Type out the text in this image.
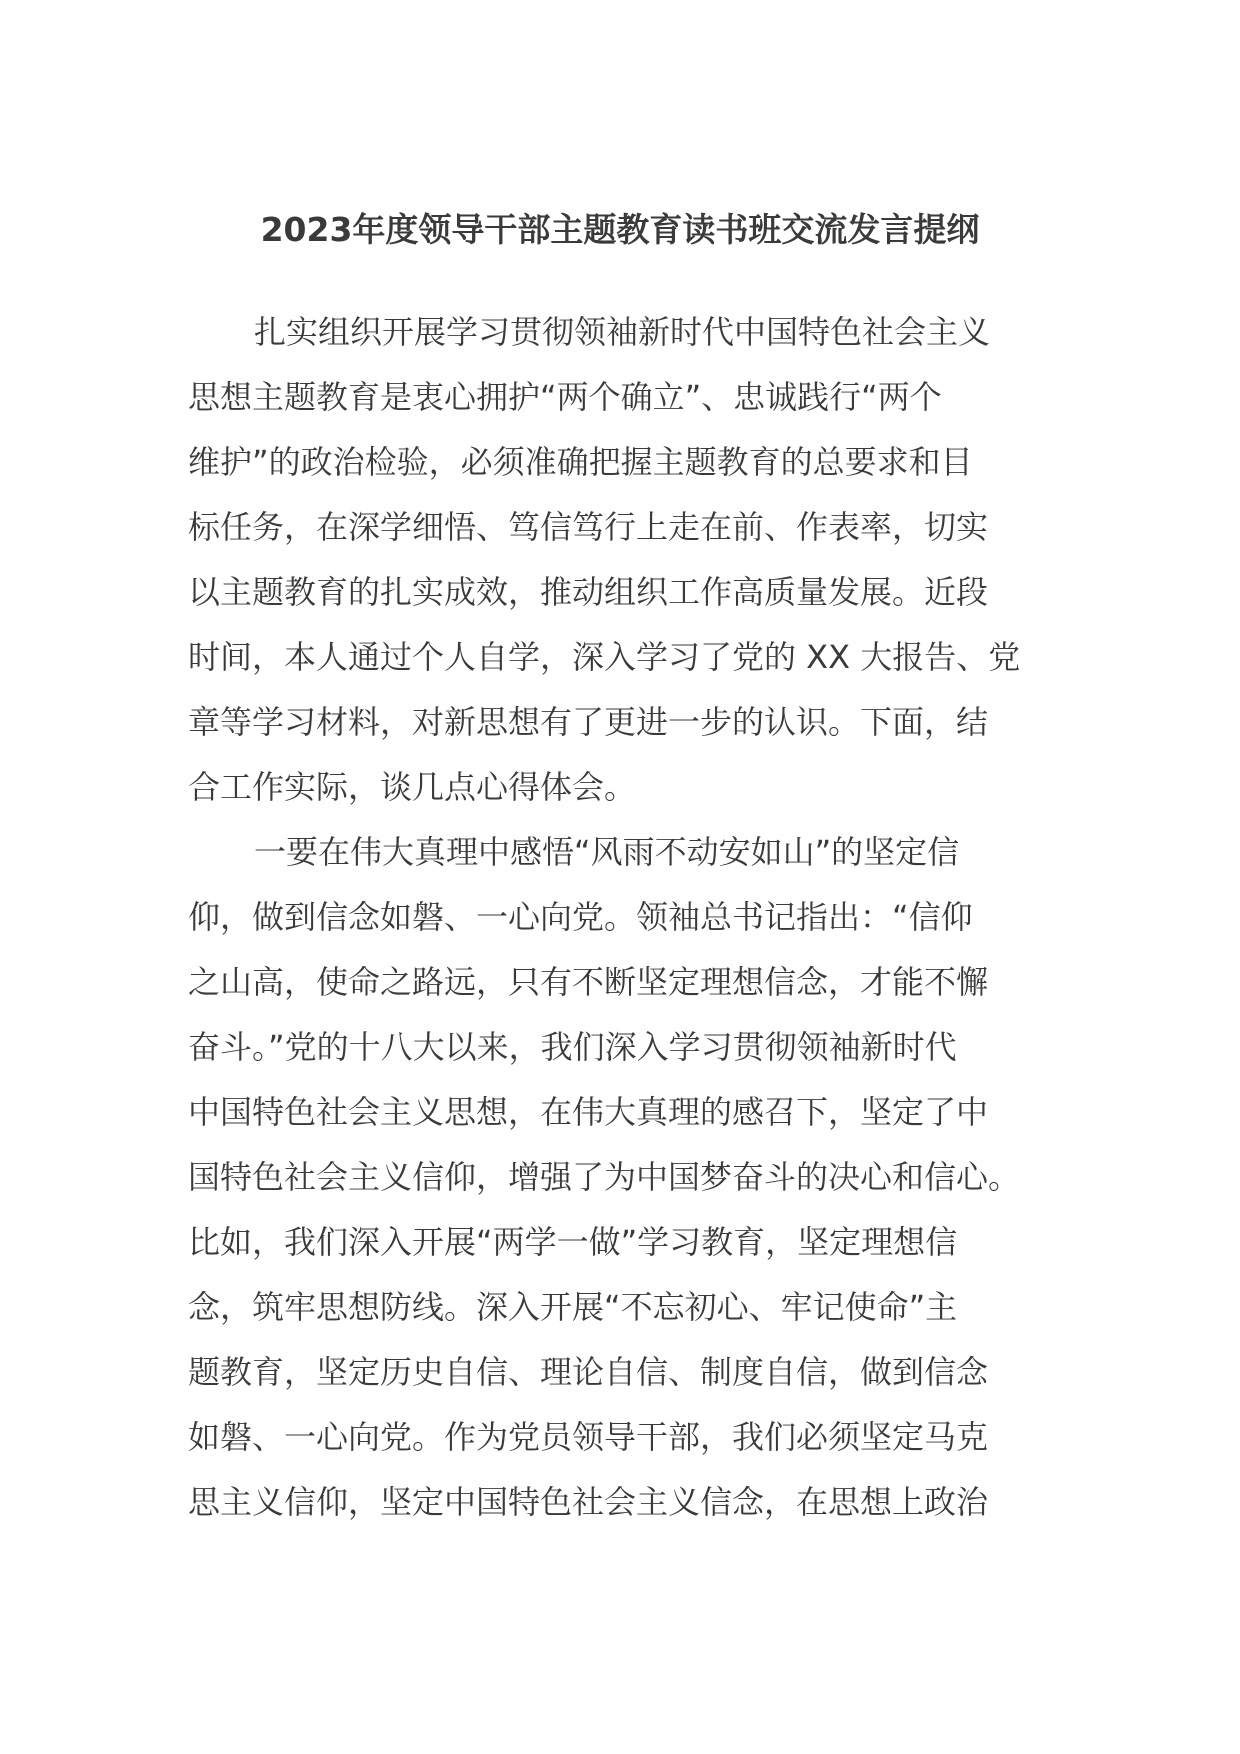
2023年度领导干部主题教育读书班交流发言提纲
扎实组织开展学习贯彻领袖新时代中国特色社会主义
思想主题教育是衷心拥护“两个确立”、忠诚践行“两个
维护”的政治检验，必须准确把握主题教育的总要求和目
标任务，在深学细悟、笃信笃行上走在前、作表率，切实
以主题教育的扎实成效，推动组织工作高质量发展。近段
时间，本人通过个人自学，深入学习了党的 XX 大报告、党
章等学习材料，对新思想有了更进一步的认识。下面，结
合工作实际，谈几点心得体会。
一要在伟大真理中感悟“风雨不动安如山”的坚定信
仰，做到信念如磐、一心向党。领袖总书记指出：“信仰
之山高，使命之路远，只有不断坚定理想信念，才能不懈
奋斗。”党的十八大以来，我们深入学习贯彻领袖新时代
中国特色社会主义思想，在伟大真理的感召下，坚定了中
国特色社会主义信仰，增强了为中国梦奋斗的决心和信心。
比如，我们深入开展“两学一做”学习教育，坚定理想信
念，筑牢思想防线。深入开展“不忘初心、牢记使命”主
题教育，坚定历史自信、理论自信、制度自信，做到信念
如磐、一心向党。作为党员领导干部，我们必须坚定马克
思主义信仰，坚定中国特色社会主义信念，在思想上政治
